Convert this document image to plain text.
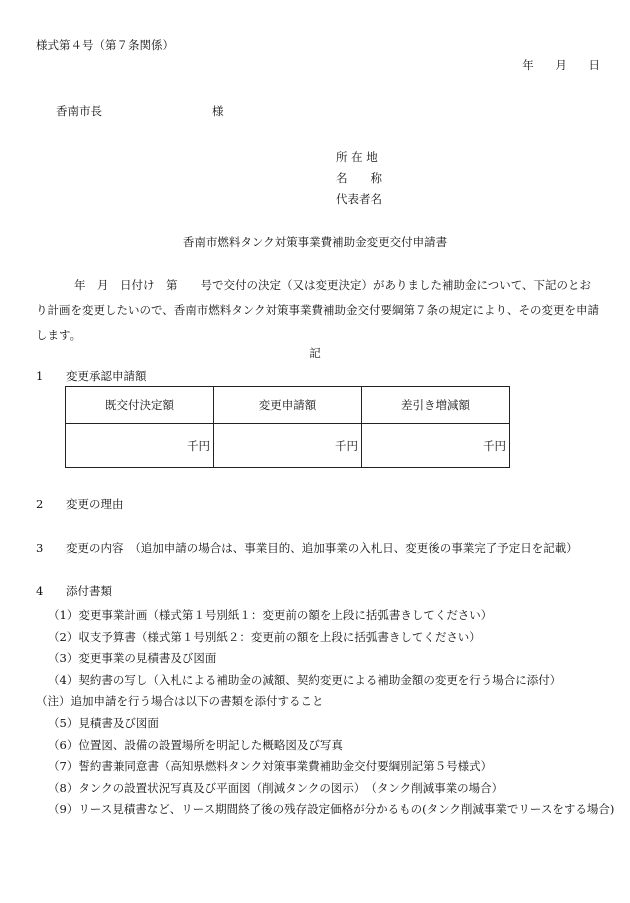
様式第４号（第７条関係）
年 月 日
香南市長	様
所 在 地
名　　称
代表者名
香南市燃料タンク対策事業費補助金変更交付申請書
年　月　日付け　第　　号で交付の決定（又は変更決定）がありました補助金について、下記のとおり計画を変更したいので、香南市燃料タンク対策事業費補助金交付要綱第７条の規定により、その変更を申請します。
記
1 変更承認申請額
既交付決定額	変更申請額	差引き増減額
千円	千円	千円
2 変更の理由
3 変更の内容　（追加申請の場合は、事業目的、追加事業の入札日、変更後の事業完了予定日を記載）
4 添付書類
（1）変更事業計画（様式第１号別紙１：変更前の額を上段に括弧書きしてください）
（2）収支予算書（様式第１号別紙２：変更前の額を上段に括弧書きしてください）
（3）変更事業の見積書及び図面
（4）契約書の写し（入札による補助金の減額、契約変更による補助金額の変更を行う場合に添付）
（注）追加申請を行う場合は以下の書類を添付すること
（5）見積書及び図面
（6）位置図、設備の設置場所を明記した概略図及び写真
（7）誓約書兼同意書（高知県燃料タンク対策事業費補助金交付要綱別記第５号様式）
（8）タンクの設置状況写真及び平面図（削減タンクの図示）　（タンク削減事業の場合）
（9）リース見積書など、リース期間終了後の残存設定価格が分かるもの(タンク削減事業でリースをする場合)
